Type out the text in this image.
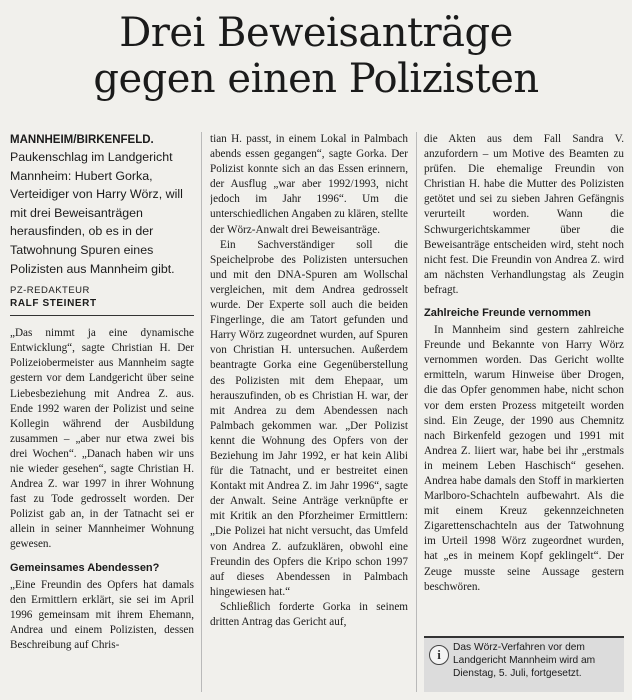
Drei Beweisanträge
gegen einen Polizisten
MANNHEIM/BIRKENFELD.

Paukenschlag im Landgericht Mannheim: Hubert Gorka, Verteidiger von Harry Wörz, will mit drei Beweisanträgen herausfinden, ob es in der Tatwohnung Spuren eines Polizisten aus Mannheim gibt.

PZ-REDAKTEUR
RALF STEINERT

„Das nimmt ja eine dynamische Entwicklung“, sagte Christian H. Der Polizeiobermeister aus Mannheim sagte gestern vor dem Landgericht über seine Liebesbeziehung mit Andrea Z. aus. Ende 1992 waren der Polizist und seine Kollegin während der Ausbildung zusammen – „aber nur etwa zwei bis drei Wochen“. „Danach haben wir uns nie wieder gesehen“, sagte Christian H. Andrea Z. war 1997 in ihrer Wohnung fast zu Tode gedrosselt worden. Der Polizist gab an, in der Tatnacht sei er allein in seiner Mannheimer Wohnung gewesen.

Gemeinsames Abendessen?

„Eine Freundin des Opfers hat damals den Ermittlern erklärt, sie sei im April 1996 gemeinsam mit ihrem Ehemann, Andrea und einem Polizisten, dessen Beschreibung auf Chris-

tian H. passt, in einem Lokal in Palmbach abends essen gegangen“, sagte Gorka. Der Polizist konnte sich an das Essen erinnern, der Ausflug „war aber 1992/1993, nicht jedoch im Jahr 1996“. Um die unterschiedlichen Angaben zu klären, stellte der Wörz-Anwalt drei Beweisanträge.

Ein Sachverständiger soll die Speichelprobe des Polizisten untersuchen und mit den DNA-Spuren am Wollschal vergleichen, mit dem Andrea gedrosselt wurde. Der Experte soll auch die beiden Fingerlinge, die am Tatort gefunden und Harry Wörz zugeordnet wurden, auf Spuren von Christian H. untersuchen. Außerdem beantragte Gorka eine Gegenüberstellung des Polizisten mit dem Ehepaar, um herauszufinden, ob es Christian H. war, der mit Andrea zu dem Abendessen nach Palmbach gekommen war. „Der Polizist kennt die Wohnung des Opfers von der Beziehung im Jahr 1992, er hat kein Alibi für die Tatnacht, und er bestreitet einen Kontakt mit Andrea Z. im Jahr 1996“, sagte der Anwalt. Seine Anträge verknüpfte er mit Kritik an den Pforzheimer Ermittlern: „Die Polizei hat nicht versucht, das Umfeld von Andrea Z. aufzuklären, obwohl eine Freundin des Opfers die Kripo schon 1997 auf dieses Abendessen in Palmbach hingewiesen hat.“

Schließlich forderte Gorka in seinem dritten Antrag das Gericht auf,

die Akten aus dem Fall Sandra V. anzufordern – um Motive des Beamten zu prüfen. Die ehemalige Freundin von Christian H. habe die Mutter des Polizisten getötet und sei zu sieben Jahren Gefängnis verurteilt worden. Wann die Schwurgerichtskammer über die Beweisanträge entscheiden wird, steht noch nicht fest. Die Freundin von Andrea Z. wird am nächsten Verhandlungstag als Zeugin befragt.

Zahlreiche Freunde vernommen

In Mannheim sind gestern zahlreiche Freunde und Bekannte von Harry Wörz vernommen worden. Das Gericht wollte ermitteln, warum Hinweise über Drogen, die das Opfer genommen habe, nicht schon vor dem ersten Prozess mitgeteilt worden sind. Ein Zeuge, der 1990 aus Chemnitz nach Birkenfeld gezogen und 1991 mit Andrea Z. liiert war, habe bei ihr „erstmals in meinem Leben Haschisch“ gesehen. Andrea habe damals den Stoff in markierten Marlboro-Schachteln aufbewahrt. Als die mit einem Kreuz gekennzeichneten Zigarettenschachteln aus der Tatwohnung im Urteil 1998 Wörz zugeordnet wurden, hat „es in meinem Kopf geklingelt“. Der Zeuge musste seine Aussage gestern beschwören.

i	Das Wörz-Verfahren vor dem Landgericht Mannheim wird am Dienstag, 5. Juli, fortgesetzt.
